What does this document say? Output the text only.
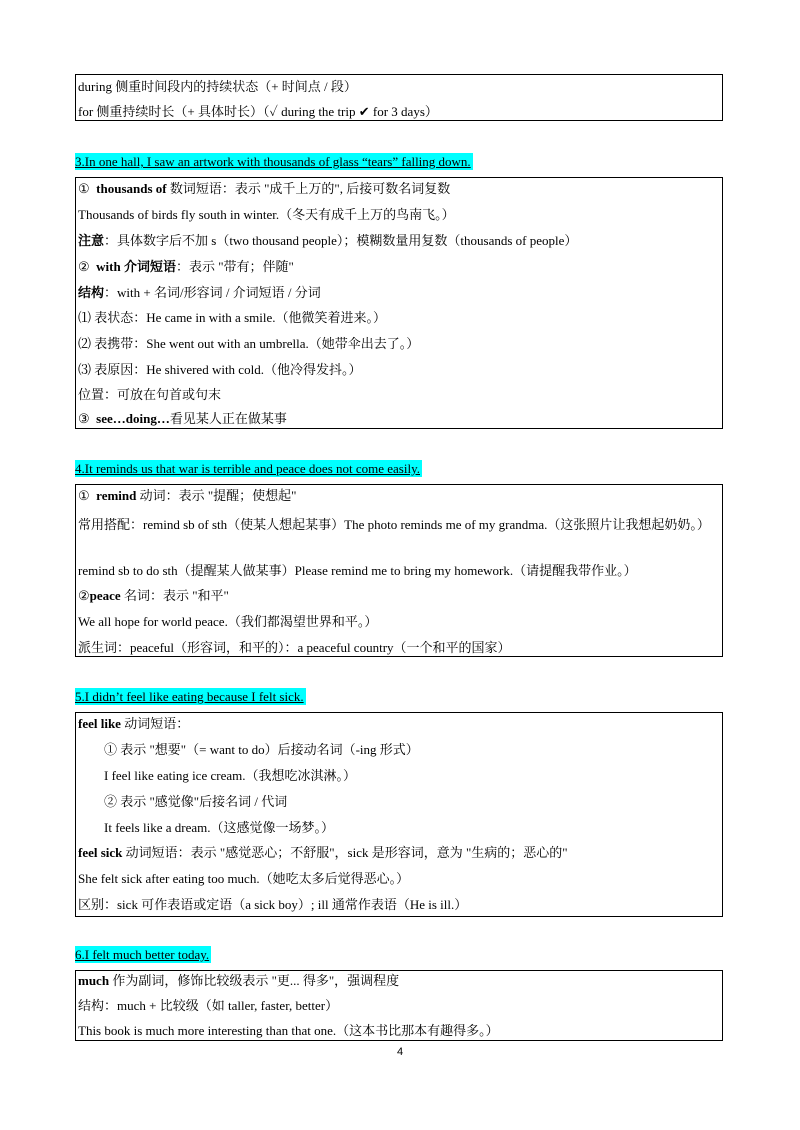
during 侧重时间段内的持续状态（+ 时间点 / 段）
for 侧重持续时长（+ 具体时长）（✓ during the trip ✔ for 3 days）
3.In one hall, I saw an artwork with thousands of glass “tears” falling down.
① thousands of 数词短语：表示 "成千上万的", 后接可数名词复数
Thousands of birds fly south in winter.（冬天有成千上万的鸟南飞。）
注意：具体数字后不加 s（two thousand people）；模糊数量用复数（thousands of people）
② with 介词短语：表示 "带有；伴随"
结构：with + 名词/形容词 / 介词短语 / 分词
⑴ 表状态：He came in with a smile.（他微笑着进来。）
⑵ 表携带：She went out with an umbrella.（她带伞出去了。）
⑶ 表原因：He shivered with cold.（他冷得发抖。）
位置：可放在句首或句末
③ see…doing…看见某人正在做某事
4.It reminds us that war is terrible and peace does not come easily.
① remind 动词：表示 "提醒；使想起"
常用搭配：remind sb of sth（使某人想起某事）The photo reminds me of my grandma.（这张照片让我想起奶奶。）
remind sb to do sth（提醒某人做某事）Please remind me to bring my homework.（请提醒我带作业。）
②peace 名词：表示 "和平"
We all hope for world peace.（我们都渴望世界和平。）
派生词：peaceful（形容词，和平的）：a peaceful country（一个和平的国家）
5.I didn’t feel like eating because I felt sick.
feel like 动词短语：
① 表示 "想要"（= want to do）后接动名词（-ing 形式）
I feel like eating ice cream.（我想吃冰淇淋。）
② 表示 "感觉像"后接名词 / 代词
It feels like a dream.（这感觉像一场梦。）
feel sick 动词短语：表示 "感觉恶心；不舒服"，sick 是形容词，意为 "生病的；恶心的"
She felt sick after eating too much.（她吃太多后觉得恶心。）
区别：sick 可作表语或定语（a sick boy）; ill 通常作表语（He is ill.）
6.I felt much better today.
much 作为副词，修饰比较级表示 "更... 得多"，强调程度
结构：much + 比较级（如 taller, faster, better）
This book is much more interesting than that one.（这本书比那本有趣得多。）
4
